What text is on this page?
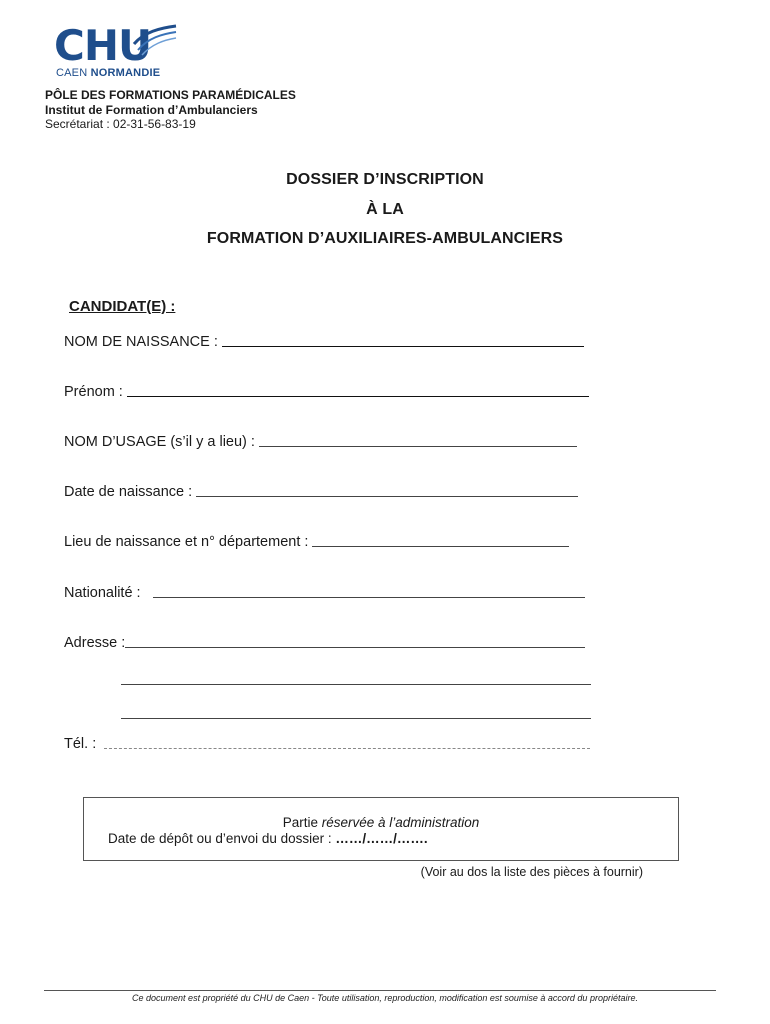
CHU
CAEN NORMANDIE
PÔLE DES FORMATIONS PARAMÉDICALES
Institut de Formation d’Ambulanciers
Secrétariat : 02-31-56-83-19
DOSSIER D’INSCRIPTION
À LA
FORMATION D’AUXILIAIRES-AMBULANCIERS
CANDIDAT(E) :
NOM DE NAISSANCE :
Prénom :
NOM D’USAGE (s’il y a lieu) :
Date de naissance :
Lieu de naissance et n° département :
Nationalité :
Adresse :
Tél. :
Partie réservée à l’administration
Date de dépôt ou d’envoi du dossier : ……/……/…….
(Voir au dos la liste des pièces à fournir)
Ce document est propriété du CHU de Caen - Toute utilisation, reproduction, modification est soumise à accord du propriétaire.
